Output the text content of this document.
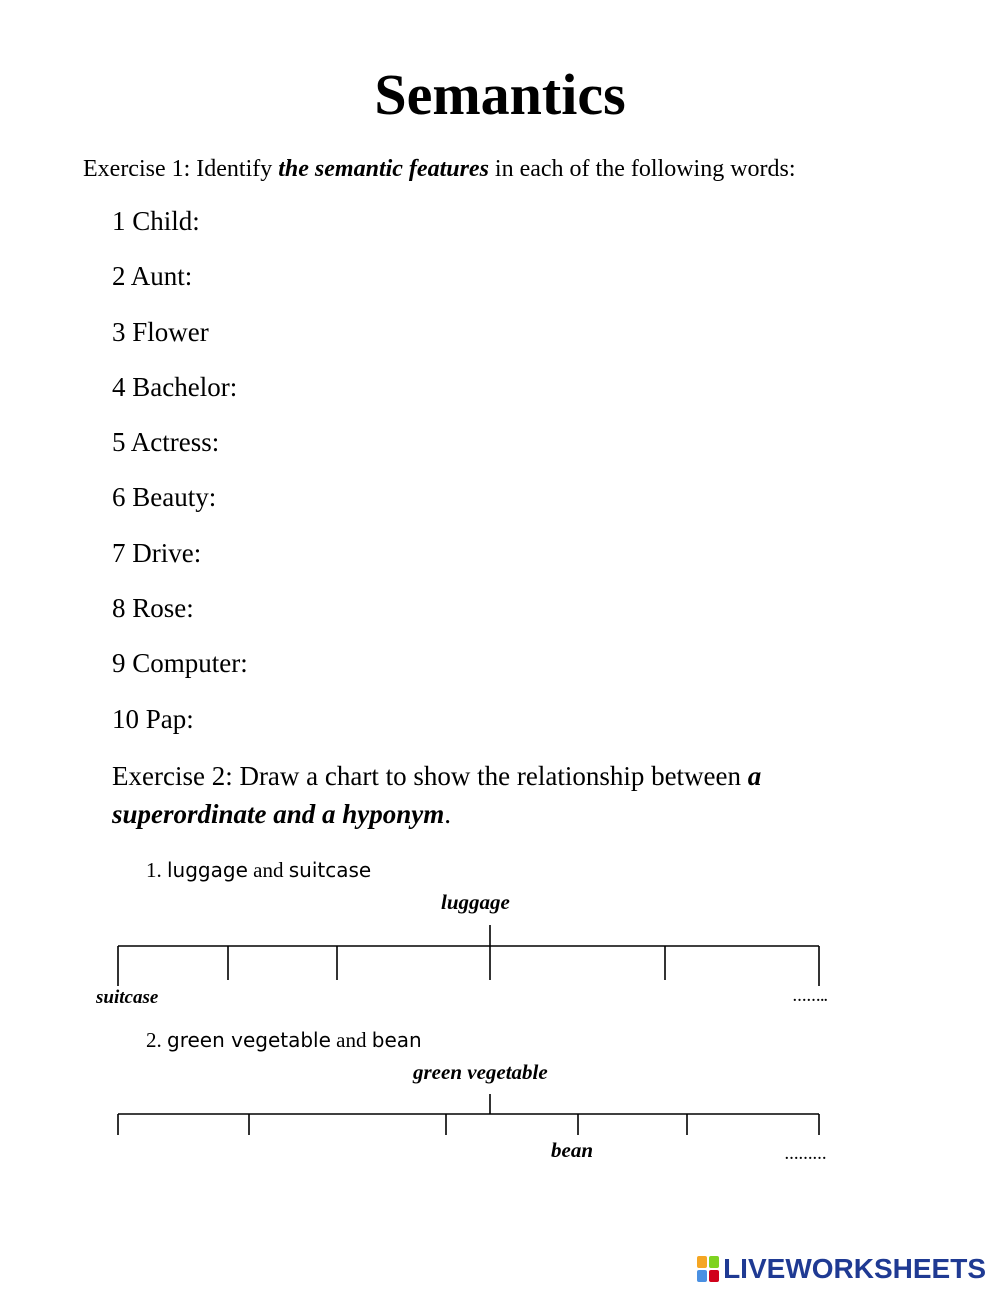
Semantics
Exercise 1: Identify the semantic features in each of the following words:
1 Child:
2 Aunt:
3 Flower
4 Bachelor:
5 Actress:
6 Beauty:
7 Drive:
8 Rose:
9 Computer:
10 Pap:
Exercise 2: Draw a chart to show the relationship between a superordinate and a hyponym.
1. luggage and suitcase
luggage
suitcase	……..
2. green vegetable and bean
green vegetable
bean	………
LIVEWORKSHEETS
